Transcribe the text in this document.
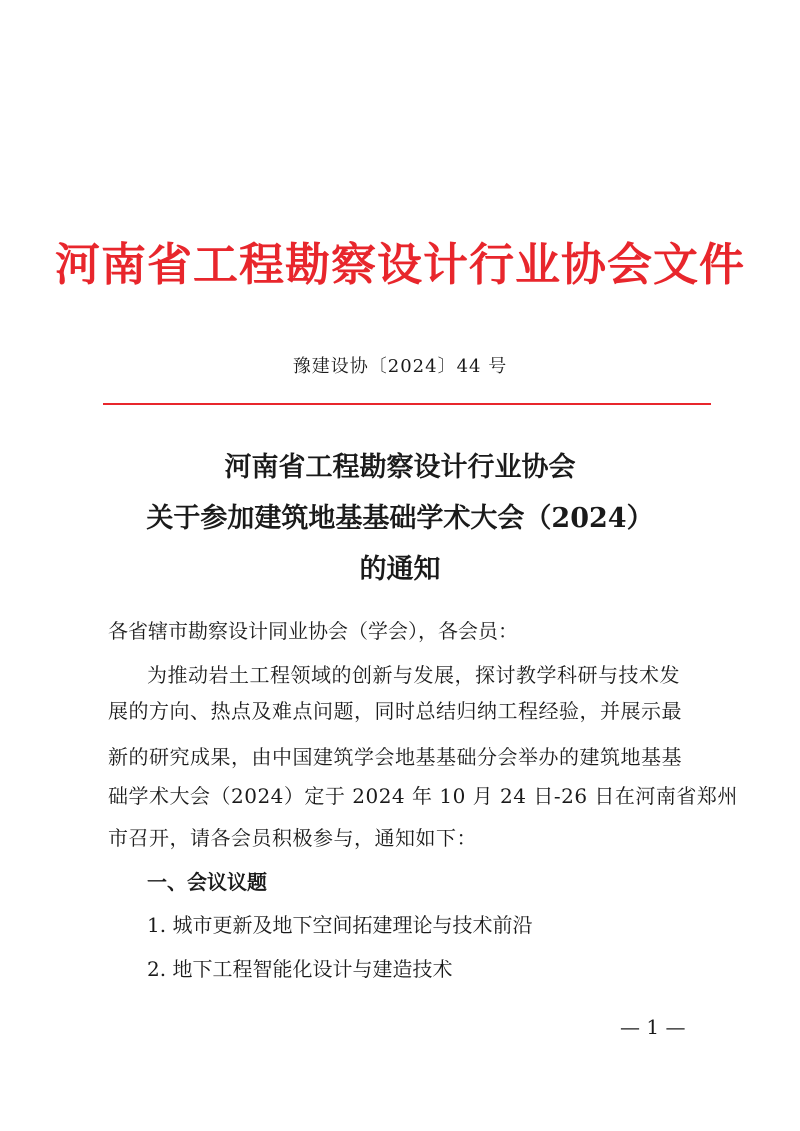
河南省工程勘察设计行业协会文件
豫建设协〔2024〕44 号
河南省工程勘察设计行业协会
关于参加建筑地基基础学术大会（2024）
的通知
各省辖市勘察设计同业协会（学会），各会员：
为推动岩土工程领域的创新与发展，探讨教学科研与技术发
展的方向、热点及难点问题，同时总结归纳工程经验，并展示最
新的研究成果，由中国建筑学会地基基础分会举办的建筑地基基
础学术大会（2024）定于 2024 年 10 月 24 日-26 日在河南省郑州
市召开，请各会员积极参与，通知如下：
一、会议议题
1. 城市更新及地下空间拓建理论与技术前沿
2. 地下工程智能化设计与建造技术
— 1 —
